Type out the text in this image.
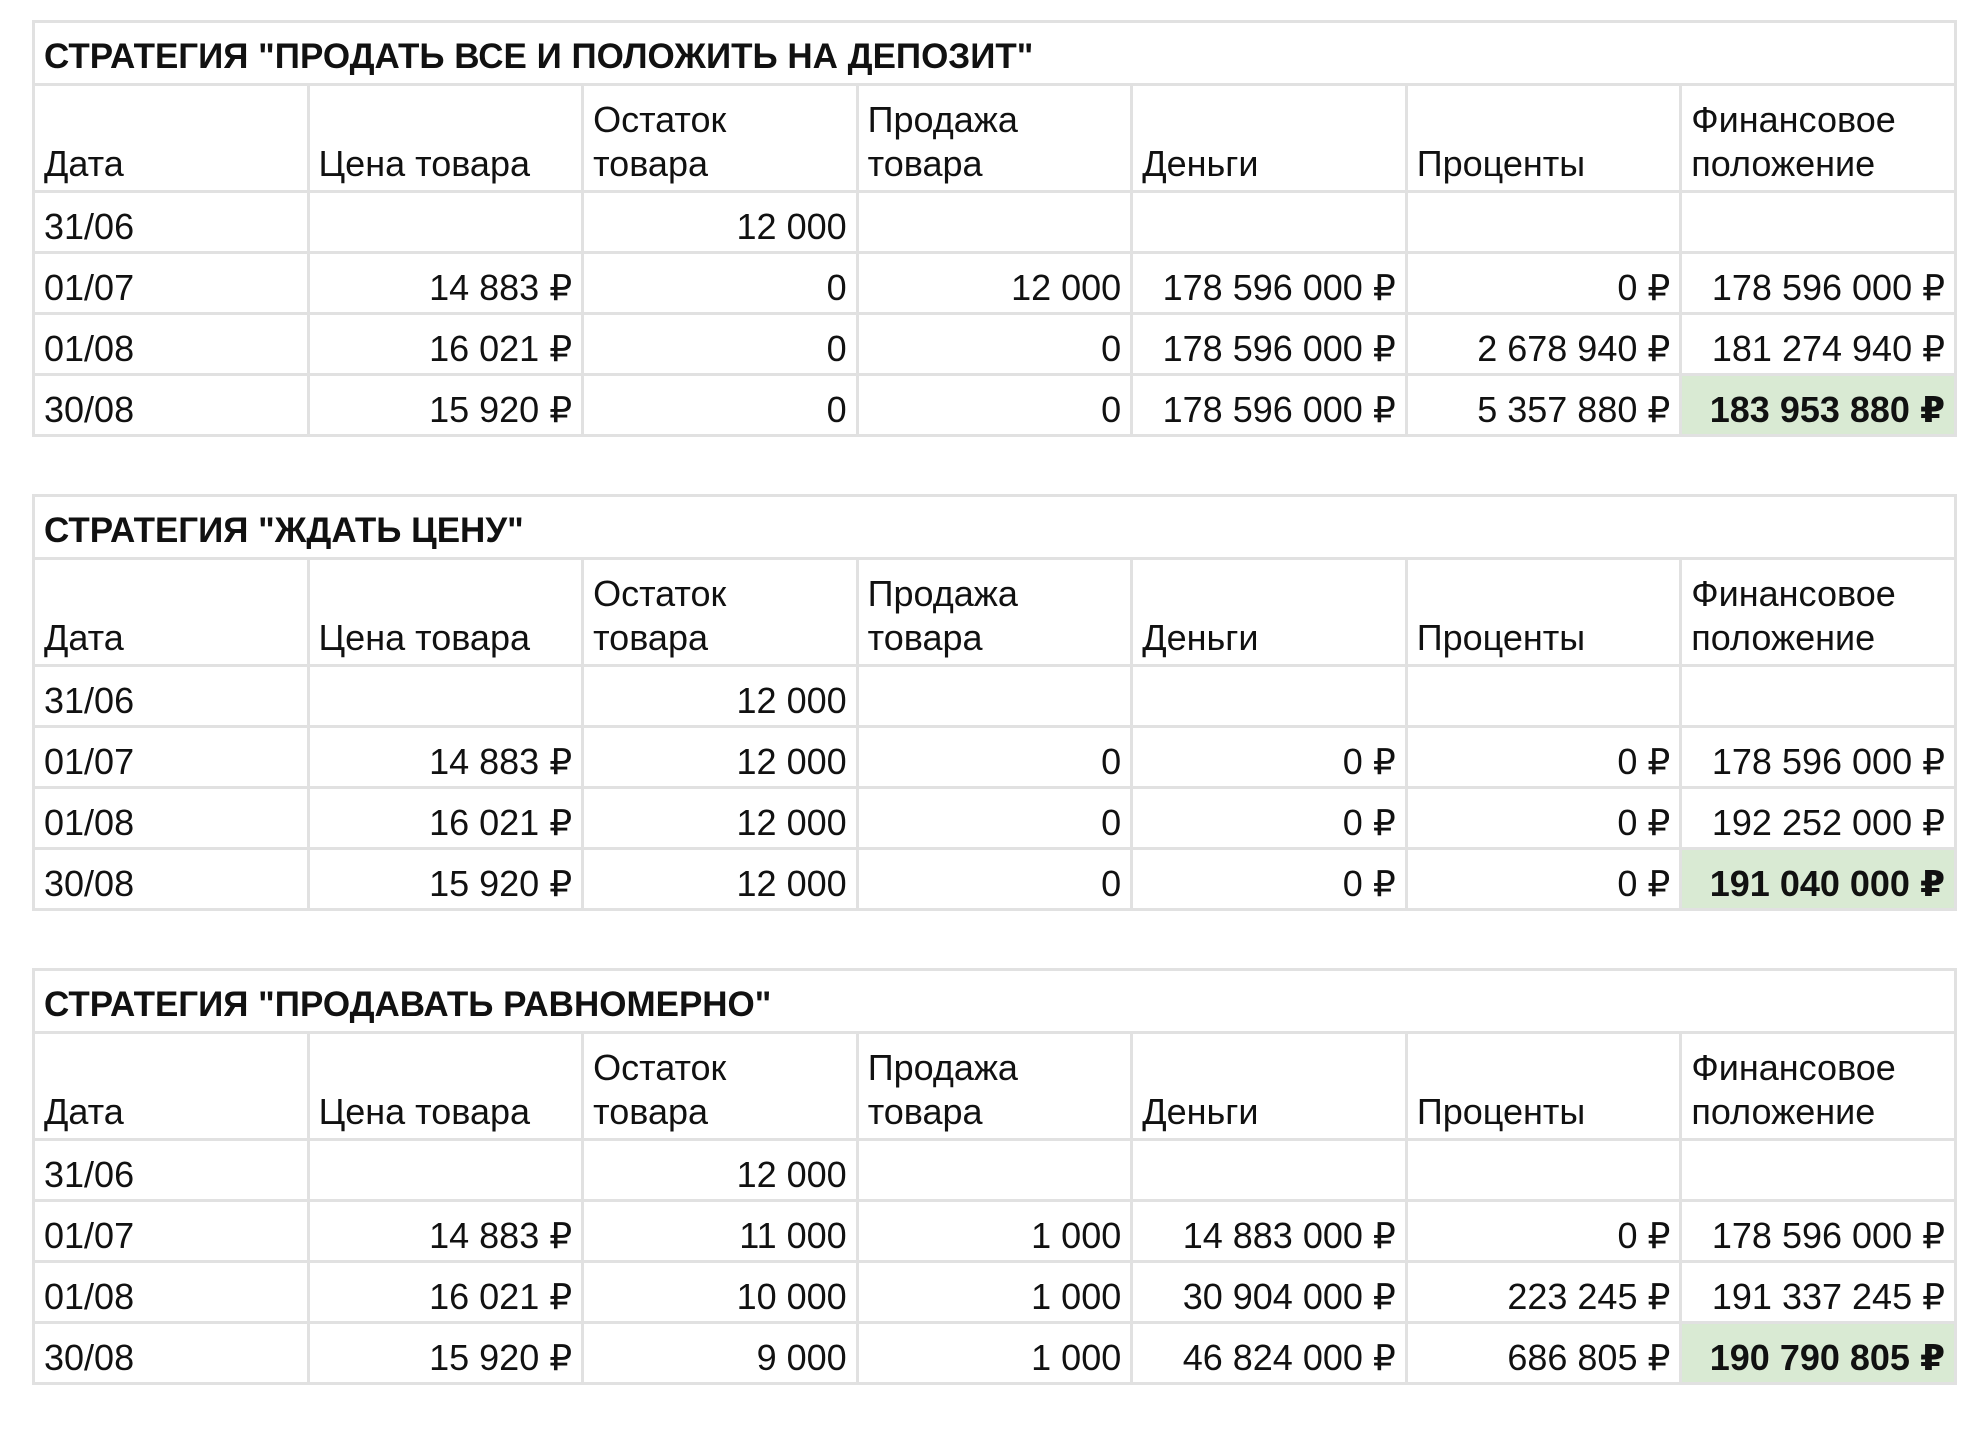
СТРАТЕГИЯ "ПРОДАТЬ ВСЕ И ПОЛОЖИТЬ НА ДЕПОЗИТ"						
Дата	Цена товара	Остаток товара	Продажа товара	Деньги	Проценты	Финансовое положение
31/06		12 000				
01/07	14 883 ₽	0	12 000	178 596 000 ₽	0 ₽	178 596 000 ₽
01/08	16 021 ₽	0	0	178 596 000 ₽	2 678 940 ₽	181 274 940 ₽
30/08	15 920 ₽	0	0	178 596 000 ₽	5 357 880 ₽	183 953 880 ₽
СТРАТЕГИЯ "ЖДАТЬ ЦЕНУ"						
Дата	Цена товара	Остаток товара	Продажа товара	Деньги	Проценты	Финансовое положение
31/06		12 000				
01/07	14 883 ₽	12 000	0	0 ₽	0 ₽	178 596 000 ₽
01/08	16 021 ₽	12 000	0	0 ₽	0 ₽	192 252 000 ₽
30/08	15 920 ₽	12 000	0	0 ₽	0 ₽	191 040 000 ₽
СТРАТЕГИЯ "ПРОДАВАТЬ РАВНОМЕРНО"						
Дата	Цена товара	Остаток товара	Продажа товара	Деньги	Проценты	Финансовое положение
31/06		12 000				
01/07	14 883 ₽	11 000	1 000	14 883 000 ₽	0 ₽	178 596 000 ₽
01/08	16 021 ₽	10 000	1 000	30 904 000 ₽	223 245 ₽	191 337 245 ₽
30/08	15 920 ₽	9 000	1 000	46 824 000 ₽	686 805 ₽	190 790 805 ₽
